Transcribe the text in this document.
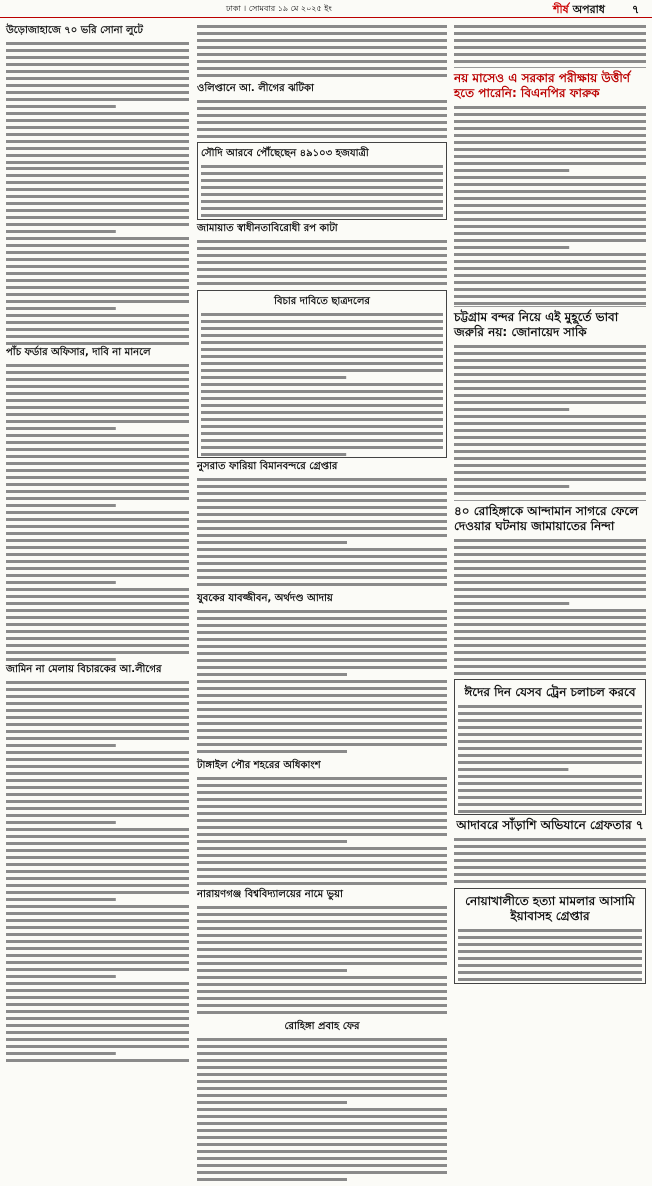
ঢাকা । সোমবার ১৯ মে ২০২৫ ইং	শীর্ষ অপরাধ ৭
উড়োজাহাজে ৭০ ভরি সোনা লুটে
পাঁচ ফর্ডার অফিসার, দাবি না মানলে
জামিন না মেলায় বিচারকের আ.লীগের
ওলিপ্তানে আ. লীগের ঝটিকা
সৌদি আরবে পৌঁছেছেন ৪৯১০৩ হজযাত্রী
জামায়াত স্বাধীনতাবিরোধী রপ কাটা
বিচার দাবিতে ছাত্রদলের
নুসরাত ফারিয়া বিমানবন্দরে গ্রেপ্তার
যুবকের যাবজ্জীবন, অর্থদণ্ড আদায়
টাঙ্গাইল পৌর শহরের অধিকাংশ
নারায়ণগঞ্জ বিশ্ববিদ্যালয়ের নামে ভুয়া
রোহিঙ্গা প্রবাহ ফের
নয় মাসেও এ সরকার পরীক্ষায় উত্তীর্ণ হতে পারেনি: বিএনপির ফারুক
চট্টগ্রাম বন্দর নিয়ে এই মুহূর্তে ভাবা জরুরি নয়: জোনায়েদ সাকি
৪০ রোহিঙ্গাকে আন্দামান সাগরে ফেলে দেওয়ার ঘটনায় জামায়াতের নিন্দা
ঈদের দিন যেসব ট্রেন চলাচল করবে
আদাবরে সাঁড়াশি অভিযানে গ্রেফতার ৭
নোয়াখালীতে হত্যা মামলার আসামি ইয়াবাসহ গ্রেপ্তার
